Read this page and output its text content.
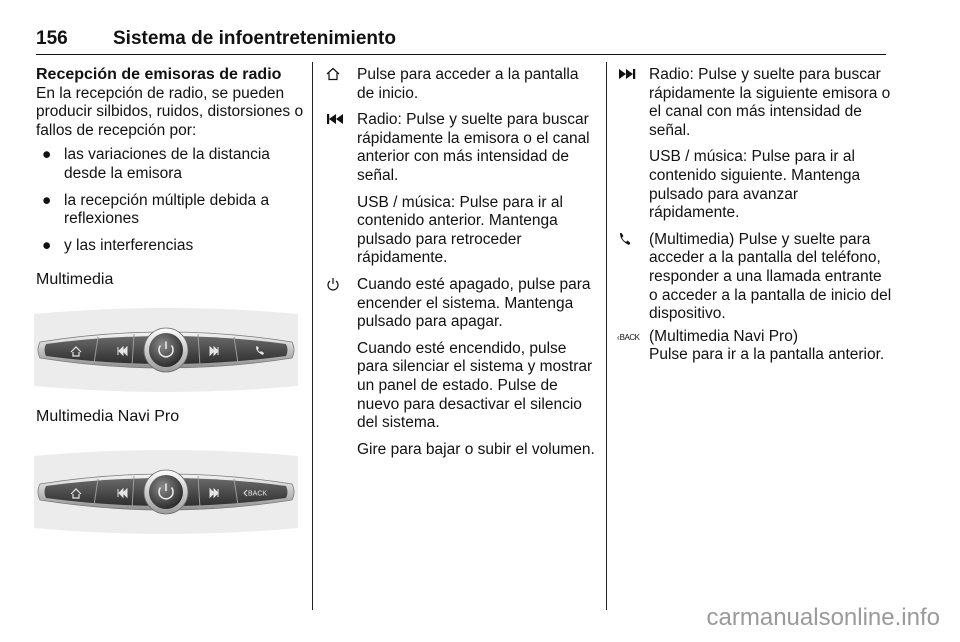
156 Sistema de infoentretenimiento

Recepción de emisoras de radio

En la recepción de radio, se pueden producir silbidos, ruidos, distorsiones o fallos de recepción por:

● las variaciones de la distancia desde la emisora
● la recepción múltiple debida a reflexiones
● y las interferencias

Multimedia

Multimedia Navi Pro

BACK

Pulse para acceder a la pantalla de inicio.

Radio: Pulse y suelte para buscar rápidamente la emisora o el canal anterior con más intensidad de señal.

USB / música: Pulse para ir al contenido anterior. Mantenga pulsado para retroceder rápidamente.

Cuando esté apagado, pulse para encender el sistema. Mantenga pulsado para apagar.

Cuando esté encendido, pulse para silenciar el sistema y mostrar un panel de estado. Pulse de nuevo para desactivar el silencio del sistema.

Gire para bajar o subir el volumen.

Radio: Pulse y suelte para buscar rápidamente la siguiente emisora o el canal con más intensidad de señal.

USB / música: Pulse para ir al contenido siguiente. Mantenga pulsado para avanzar rápidamente.

(Multimedia) Pulse y suelte para acceder a la pantalla del teléfono, responder a una llamada entrante o acceder a la pantalla de inicio del dispositivo.

‹BACK (Multimedia Navi Pro)

Pulse para ir a la pantalla anterior.

carmanualsonline.info
